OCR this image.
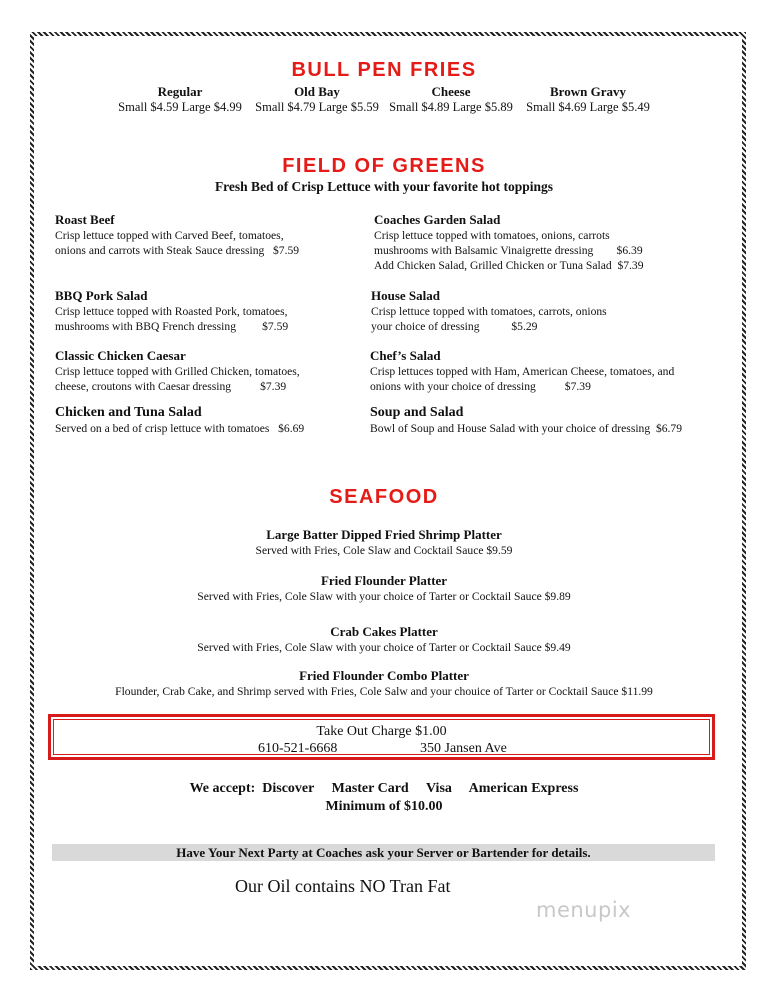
BULL PEN FRIES
Regular
Small $4.59 Large $4.99
Old Bay
Small $4.79 Large $5.59
Cheese
Small $4.89 Large $5.89
Brown Gravy
Small $4.69 Large $5.49
FIELD OF GREENS
Fresh Bed of Crisp Lettuce with your favorite hot toppings
Roast Beef
Crisp lettuce topped with Carved Beef, tomatoes,
onions and carrots with Steak Sauce dressing   $7.59
Coaches Garden Salad
Crisp lettuce topped with tomatoes, onions, carrots
mushrooms with Balsamic Vinaigrette dressing        $6.39
Add Chicken Salad, Grilled Chicken or Tuna Salad  $7.39
BBQ Pork Salad
Crisp lettuce topped with Roasted Pork, tomatoes,
mushrooms with BBQ French dressing         $7.59
House Salad
Crisp lettuce topped with tomatoes, carrots, onions
your choice of dressing           $5.29
Classic Chicken Caesar
Crisp lettuce topped with Grilled Chicken, tomatoes,
cheese, croutons with Caesar dressing          $7.39
Chef’s Salad
Crisp lettuces topped with Ham, American Cheese, tomatoes, and
onions with your choice of dressing          $7.39
Chicken and Tuna Salad
Served on a bed of crisp lettuce with tomatoes   $6.69
Soup and Salad
Bowl of Soup and House Salad with your choice of dressing  $6.79
SEAFOOD
Large Batter Dipped Fried Shrimp Platter
Served with Fries, Cole Slaw and Cocktail Sauce $9.59
Fried Flounder Platter
Served with Fries, Cole Slaw with your choice of Tarter or Cocktail Sauce $9.89
Crab Cakes Platter
Served with Fries, Cole Slaw with your choice of Tarter or Cocktail Sauce $9.49
Fried Flounder Combo Platter
Flounder, Crab Cake, and Shrimp served with Fries, Cole Salw and your chouice of Tarter or Cocktail Sauce $11.99
Take Out Charge $1.00
610-521-6668	350 Jansen Ave
We accept:  Discover     Master Card     Visa     American Express
Minimum of $10.00
Have Your Next Party at Coaches ask your Server or Bartender for details.
Our Oil contains NO Tran Fat
menupix
